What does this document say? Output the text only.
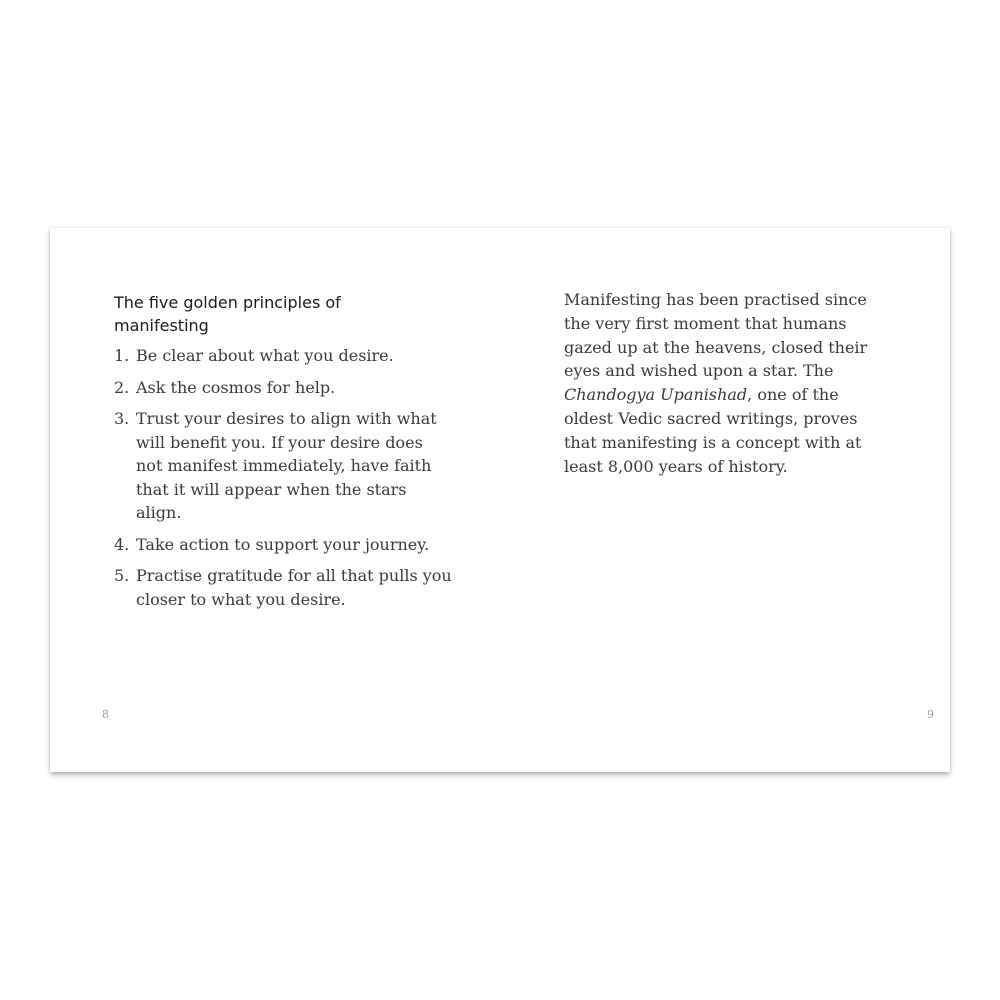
The five golden principles of manifesting
1. Be clear about what you desire.
2. Ask the cosmos for help.
3. Trust your desires to align with what will benefit you. If your desire does not manifest immediately, have faith that it will appear when the stars align.
4. Take action to support your journey.
5. Practise gratitude for all that pulls you closer to what you desire.
8

Manifesting has been practised since the very first moment that humans gazed up at the heavens, closed their eyes and wished upon a star. The Chandogya Upanishad, one of the oldest Vedic sacred writings, proves that manifesting is a concept with at least 8,000 years of history.

9
